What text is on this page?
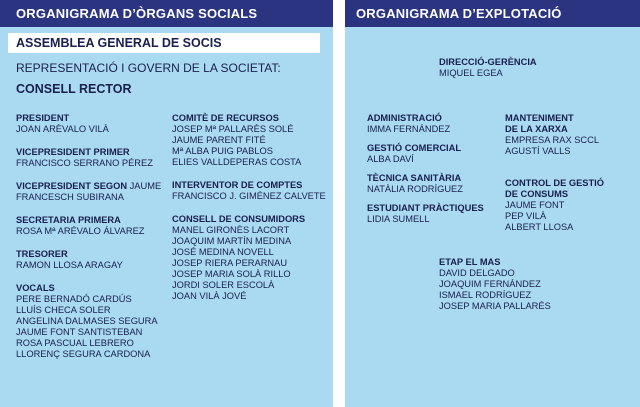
ORGANIGRAMA D’ÒRGANS SOCIALS
ASSEMBLEA GENERAL DE SOCIS
REPRESENTACIÓ I GOVERN DE LA SOCIETAT:
CONSELL RECTOR
PRESIDENT
JOAN ARÈVALO VILÀ
VICEPRESIDENT PRIMER
FRANCISCO SERRANO PÉREZ
VICEPRESIDENT SEGON JAUME
FRANCESCH SUBIRANA
SECRETARIA PRIMERA
ROSA Mª ARÉVALO ÁLVAREZ
TRESORER
RAMON LLOSA ARAGAY
VOCALS
PERE BERNADÓ CARDÚS
LLUÍS CHECA SOLER
ANGELINA DALMASES SEGURA
JAUME FONT SANTISTEBAN
ROSA PASCUAL LEBRERO
LLORENÇ SEGURA CARDONA
COMITÈ DE RECURSOS
JOSEP Mª PALLARÈS SOLÉ
JAUME PARENT FITÉ
Mª ALBA PUIG PABLOS
ELIES VALLDEPERAS COSTA
INTERVENTOR DE COMPTES
FRANCISCO J. GIMÉNEZ CALVETE
CONSELL DE CONSUMIDORS
MANEL GIRONÈS LACORT
JOAQUIM MARTÍN MEDINA
JOSÉ MEDINA NOVELL
JOSEP RIERA PERARNAU
JOSEP MARIA SOLÀ RILLO
JORDI SOLER ESCOLÀ
JOAN VILÀ JOVÉ
ORGANIGRAMA D’EXPLOTACIÓ
DIRECCIÓ-GERÈNCIA
MIQUEL EGEA
ADMINISTRACIÓ
IMMA FERNÁNDEZ
GESTIÓ COMERCIAL
ALBA DAVÍ
TÈCNICA SANITÀRIA
NATÀLIA RODRÍGUEZ
ESTUDIANT PRÀCTIQUES
LIDIA SUMELL
MANTENIMENT
DE LA XARXA
EMPRESA RAX SCCL
AGUSTÍ VALLS
CONTROL DE GESTIÓ
DE CONSUMS
JAUME FONT
PEP VILÀ
ALBERT LLOSA
ETAP EL MAS
DAVID DELGADO
JOAQUIM FERNÁNDEZ
ISMAEL RODRÍGUEZ
JOSEP MARIA PALLARÉS
